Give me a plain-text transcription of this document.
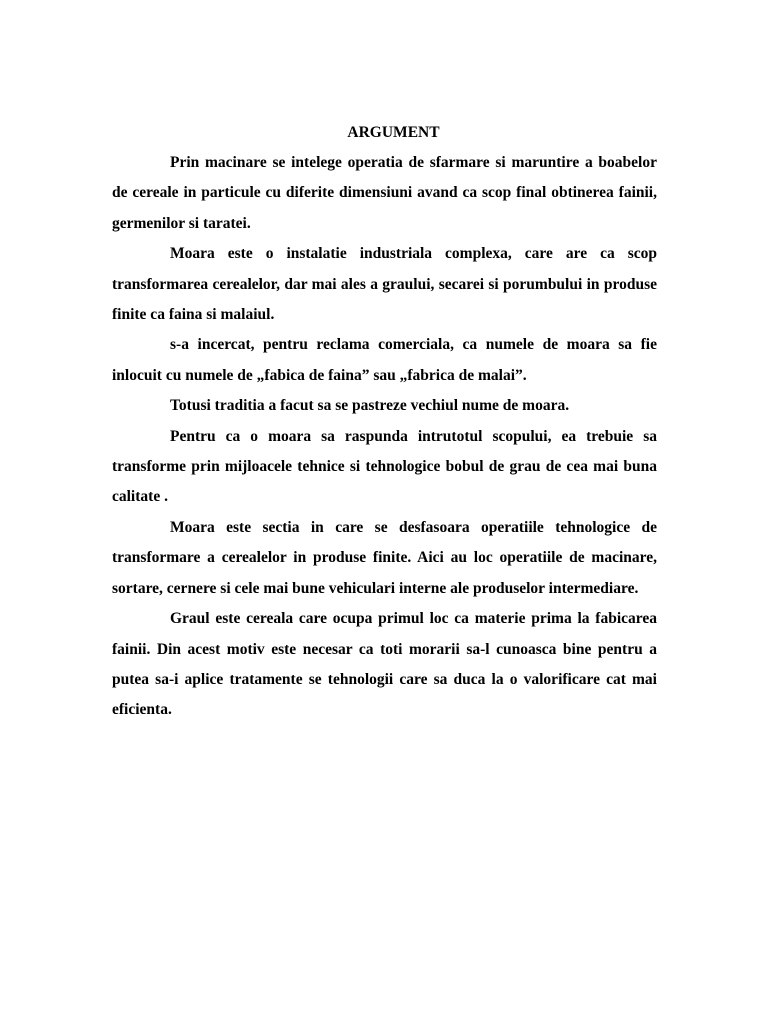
ARGUMENT

Prin macinare se intelege operatia de sfarmare si maruntire a boabelor de cereale in particule cu diferite dimensiuni avand ca scop final obtinerea fainii, germenilor si taratei.

Moara este o instalatie industriala complexa, care are ca scop transformarea cerealelor, dar mai ales a graului, secarei si porumbului in produse finite ca faina si malaiul.

s-a incercat, pentru reclama comerciala, ca numele de moara sa fie inlocuit cu numele de „fabica de faina” sau „fabrica de malai”.

Totusi traditia a facut sa se pastreze vechiul nume de moara.

Pentru ca o moara sa raspunda intrutotul scopului, ea trebuie sa transforme prin mijloacele tehnice si tehnologice bobul de grau de cea mai buna calitate .

Moara este sectia in care se desfasoara operatiile tehnologice de transformare a cerealelor in produse finite. Aici au loc operatiile de macinare, sortare, cernere si cele mai bune vehiculari interne ale produselor intermediare.

Graul este cereala care ocupa primul loc ca materie prima la fabicarea fainii. Din acest motiv este necesar ca toti morarii sa-l cunoasca bine pentru a putea sa-i aplice tratamente se tehnologii care sa duca la o valorificare cat mai eficienta.
